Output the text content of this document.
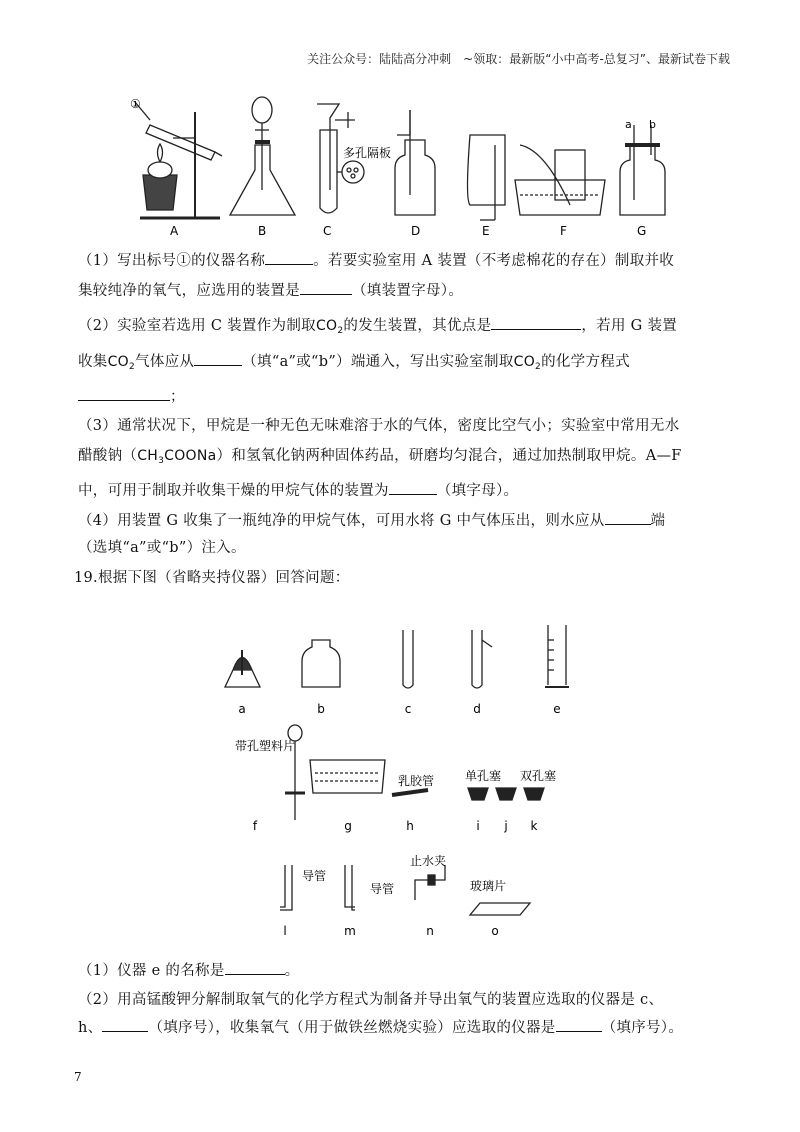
关注公众号：陆陆高分冲刺　~领取：最新版“小中高考-总复习”、最新试卷下载
①
多孔隔板
a b
A	B	C	D	E	F	G
（1）写出标号①的仪器名称	。若要实验室用 A 装置（不考虑棉花的存在）制取并收
集较纯净的氧气，应选用的装置是	（填装置字母）。
（2）实验室若选用 C 装置作为制取$CO_2$的发生装置，其优点是	，若用 G 装置
收集$CO_2$气体应从	（填“a”或“b”）端通入，写出实验室制取$CO_2$的化学方程式
；
（3）通常状况下，甲烷是一种无色无味难溶于水的气体，密度比空气小；实验室中常用无水
醋酸钠$(CH_3COONa)$和氢氧化钠两种固体药品，研磨均匀混合，通过加热制取甲烷。A—F
中，可用于制取并收集干燥的甲烷气体的装置为	（填字母）。
（4）用装置 G 收集了一瓶纯净的甲烷气体，可用水将 G 中气体压出，则水应从	端
（选填“a”或“b”）注入。
19.根据下图（省略夹持仪器）回答问题：
a	b	c	d	e
f	g	h	i j k
l	m	n	o
带孔塑料片
乳胶管	单孔塞 双孔塞
导管
导管
止水夹
玻璃片
（1）仪器 e 的名称是	。
（2）用高锰酸钾分解制取氧气的化学方程式为制备并导出氧气的装置应选取的仪器是 c、
h、	（填序号），收集氧气（用于做铁丝燃烧实验）应选取的仪器是	（填序号）。
7
